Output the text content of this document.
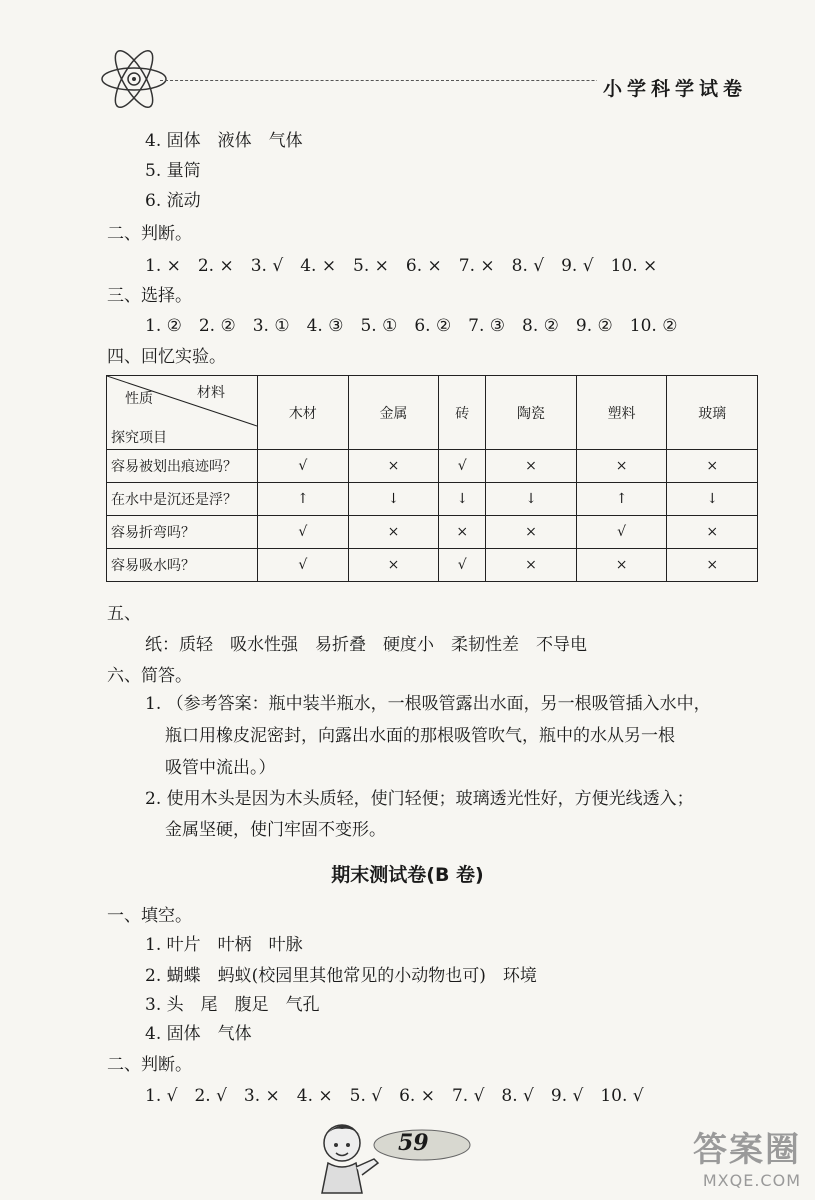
小学科学试卷
4. 固体　液体　气体
5. 量筒
6. 流动
二、判断。
1. ×　2. ×　3. √　4. ×　5. ×　6. ×　7. ×　8. √　9. √　10. ×
三、选择。
1. ②　2. ②　3. ①　4. ③　5. ①　6. ②　7. ③　8. ②　9. ②　10. ②
四、回忆实验。
材料
性质
探究项目	木材	金属	砖	陶瓷	塑料	玻璃
容易被划出痕迹吗？	√	×	√	×	×	×
在水中是沉还是浮？	↑	↓	↓	↓	↑	↓
容易折弯吗？	√	×	×	×	√	×
容易吸水吗？	√	×	√	×	×	×
五、
纸：质轻　吸水性强　易折叠　硬度小　柔韧性差　不导电
六、简答。
1. （参考答案：瓶中装半瓶水，一根吸管露出水面，另一根吸管插入水中，
瓶口用橡皮泥密封，向露出水面的那根吸管吹气，瓶中的水从另一根
吸管中流出。）
2. 使用木头是因为木头质轻，使门轻便；玻璃透光性好，方便光线透入；
金属坚硬，使门牢固不变形。
期末测试卷(B 卷)
一、填空。
1. 叶片　叶柄　叶脉
2. 蝴蝶　蚂蚁(校园里其他常见的小动物也可)　环境
3. 头　尾　腹足　气孔
4. 固体　气体
二、判断。
1. √　2. √　3. ×　4. ×　5. √　6. ×　7. √　8. √　9. √　10. √
59	答案圈
MXQE.COM
